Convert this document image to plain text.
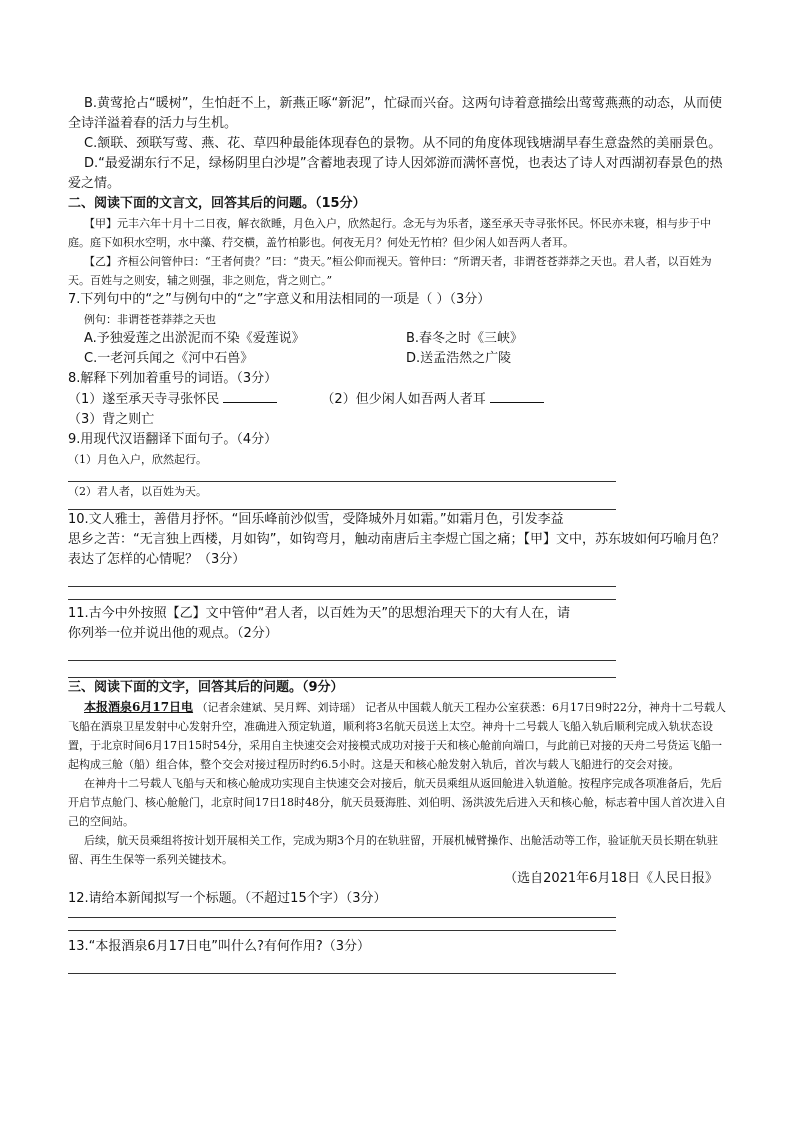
B.黄莺抢占“暖树”，生怕赶不上，新燕正啄“新泥”，忙碌而兴奋。这两句诗着意描绘出莺莺燕燕的动态，从而使全诗洋溢着春的活力与生机。

C.颔联、颈联写莺、燕、花、草四种最能体现春色的景物。从不同的角度体现钱塘湖早春生意盎然的美丽景色。

D.“最爱湖东行不足，绿杨阴里白沙堤”含蓄地表现了诗人因郊游而满怀喜悦，也表达了诗人对西湖初春景色的热爱之情。

二、阅读下面的文言文，回答其后的问题。（15分）

【甲】元丰六年十月十二日夜，解衣欲睡，月色入户，欣然起行。念无与为乐者，遂至承天寺寻张怀民。怀民亦未寝，相与步于中庭。庭下如积水空明，水中藻、荇交横，盖竹柏影也。何夜无月？何处无竹柏？但少闲人如吾两人者耳。

【乙】齐桓公问管仲曰：“王者何贵？”曰：“贵天。”桓公仰而视天。管仲曰：“所谓天者，非谓苍苍莽莽之天也。君人者，以百姓为天。百姓与之则安，辅之则强，非之则危，背之则亡。”

7.下列句中的“之”与例句中的“之”字意义和用法相同的一项是（ ）（3分）

例句：非谓苍苍莽莽之天也

A.予独爱莲之出淤泥而不染《爱莲说》	B.春冬之时《三峡》
C.一老河兵闻之《河中石兽》	D.送孟浩然之广陵

8.解释下列加着重号的词语。（3分）

（1）遂至承天寺寻张怀民	（2）但少闲人如吾两人者耳

（3）背之则亡

9.用现代汉语翻译下面句子。（4分）

（1）月色入户，欣然起行。

（2）君人者，以百姓为天。

10.文人雅士，善借月抒怀。“回乐峰前沙似雪，受降城外月如霜。”如霜月色，引发李益

思乡之苦：“无言独上西楼，月如钩”，如钩弯月，触动南唐后主李煜亡国之痛；【甲】文中，苏东坡如何巧喻月色？表达了怎样的心情呢？（3分）

11.古今中外按照【乙】文中管仲“君人者，以百姓为天”的思想治理天下的大有人在，请

你列举一位并说出他的观点。（2分）

三、阅读下面的文字，回答其后的问题。（9分）

本报酒泉6月17日电 （记者余建斌、吴月辉、刘诗瑶） 记者从中国载人航天工程办公室获悉：6月17日9时22分，神舟十二号载人飞船在酒泉卫星发射中心发射升空，准确进入预定轨道，顺利将3名航天员送上太空。神舟十二号载人飞船入轨后顺利完成入轨状态设置，于北京时间6月17日15时54分，采用自主快速交会对接模式成功对接于天和核心舱前向端口，与此前已对接的天舟二号货运飞船一起构成三舱（船）组合体，整个交会对接过程历时约6.5小时。这是天和核心舱发射入轨后，首次与载人飞船进行的交会对接。

在神舟十二号载人飞船与天和核心舱成功实现自主快速交会对接后，航天员乘组从返回舱进入轨道舱。按程序完成各项准备后，先后开启节点舱门、核心舱舱门，北京时间17日18时48分，航天员聂海胜、刘伯明、汤洪波先后进入天和核心舱，标志着中国人首次进入自己的空间站。

后续，航天员乘组将按计划开展相关工作，完成为期3个月的在轨驻留，开展机械臂操作、出舱活动等工作，验证航天员长期在轨驻留、再生生保等一系列关键技术。

（选自2021年6月18日《人民日报》

12.请给本新闻拟写一个标题。（不超过15个字）（3分）

13.“本报酒泉6月17日电”叫什么?有何作用?（3分）
